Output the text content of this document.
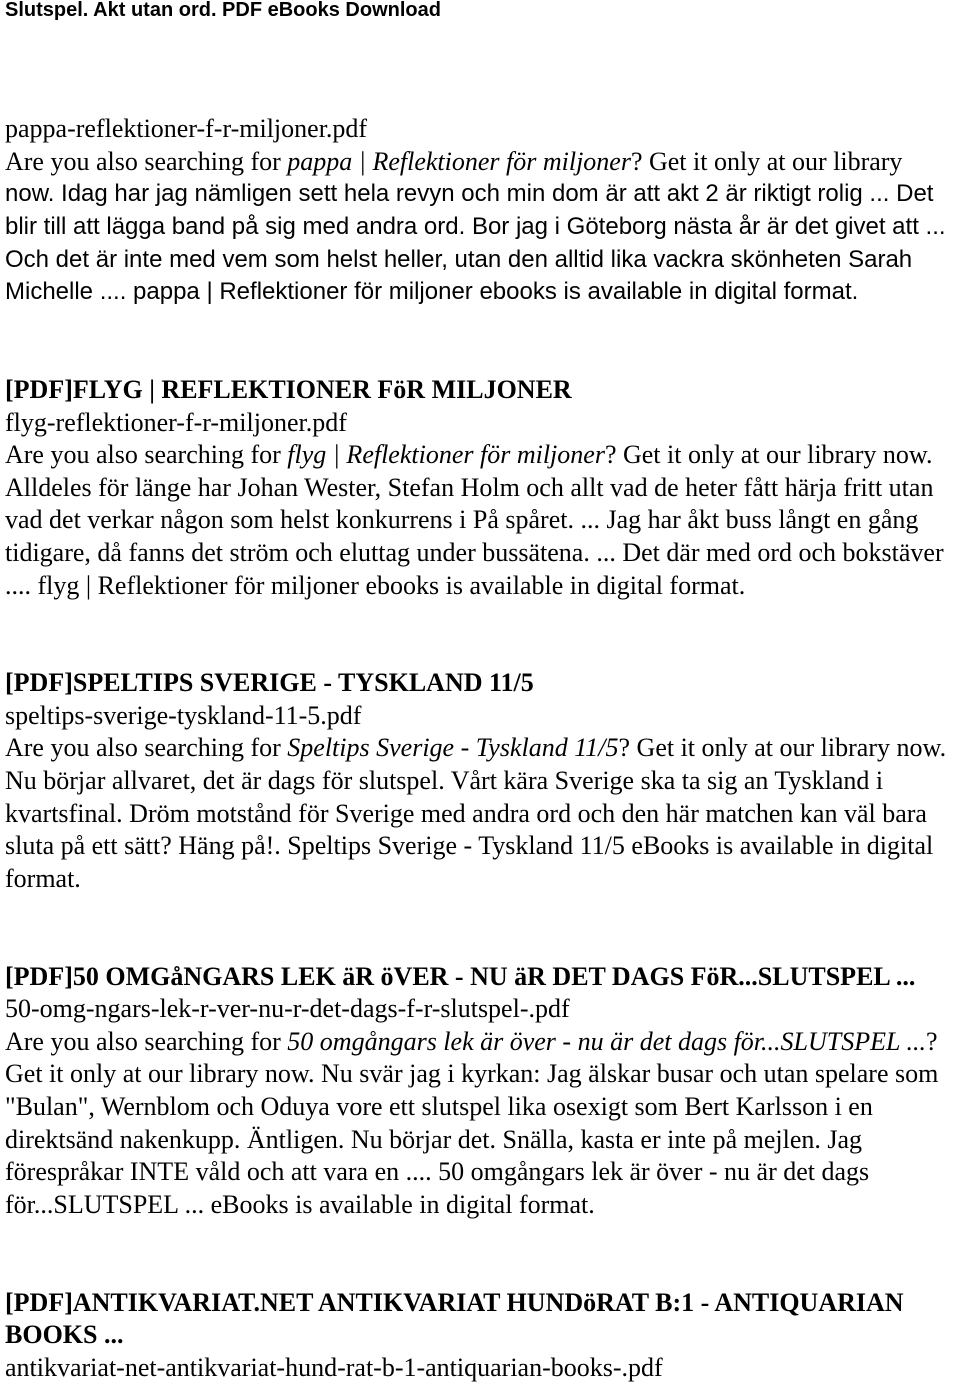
Slutspel. Akt utan ord. PDF eBooks Download
pappa-reflektioner-f-r-miljoner.pdf
Are you also searching for pappa | Reflektioner för miljoner? Get it only at our library
now. Idag har jag nämligen sett hela revyn och min dom är att akt 2 är riktigt rolig ... Det
blir till att lägga band på sig med andra ord. Bor jag i Göteborg nästa år är det givet att ...
Och det är inte med vem som helst heller, utan den alltid lika vackra skönheten Sarah
Michelle .... pappa | Reflektioner för miljoner ebooks is available in digital format.
[PDF]FLYG | REFLEKTIONER FöR MILJONER
flyg-reflektioner-f-r-miljoner.pdf
Are you also searching for flyg | Reflektioner för miljoner? Get it only at our library now.
Alldeles för länge har Johan Wester, Stefan Holm och allt vad de heter fått härja fritt utan
vad det verkar någon som helst konkurrens i På spåret. ... Jag har åkt buss långt en gång
tidigare, då fanns det ström och eluttag under bussätena. ... Det där med ord och bokstäver
.... flyg | Reflektioner för miljoner ebooks is available in digital format.
[PDF]SPELTIPS SVERIGE - TYSKLAND 11/5
speltips-sverige-tyskland-11-5.pdf
Are you also searching for Speltips Sverige - Tyskland 11/5? Get it only at our library now.
Nu börjar allvaret, det är dags för slutspel. Vårt kära Sverige ska ta sig an Tyskland i
kvartsfinal. Dröm motstånd för Sverige med andra ord och den här matchen kan väl bara
sluta på ett sätt? Häng på!. Speltips Sverige - Tyskland 11/5 eBooks is available in digital
format.
[PDF]50 OMGåNGARS LEK äR öVER - NU äR DET DAGS FöR...SLUTSPEL ...
50-omg-ngars-lek-r-ver-nu-r-det-dags-f-r-slutspel-.pdf
Are you also searching for 50 omgångars lek är över - nu är det dags för...SLUTSPEL ...?
Get it only at our library now. Nu svär jag i kyrkan: Jag älskar busar och utan spelare som
"Bulan", Wernblom och Oduya vore ett slutspel lika osexigt som Bert Karlsson i en
direktsänd nakenkupp. Äntligen. Nu börjar det. Snälla, kasta er inte på mejlen. Jag
förespråkar INTE våld och att vara en .... 50 omgångars lek är över - nu är det dags
för...SLUTSPEL ... eBooks is available in digital format.
[PDF]ANTIKVARIAT.NET ANTIKVARIAT HUNDöRAT B:1 - ANTIQUARIAN
BOOKS ...
antikvariat-net-antikvariat-hund-rat-b-1-antiquarian-books-.pdf
